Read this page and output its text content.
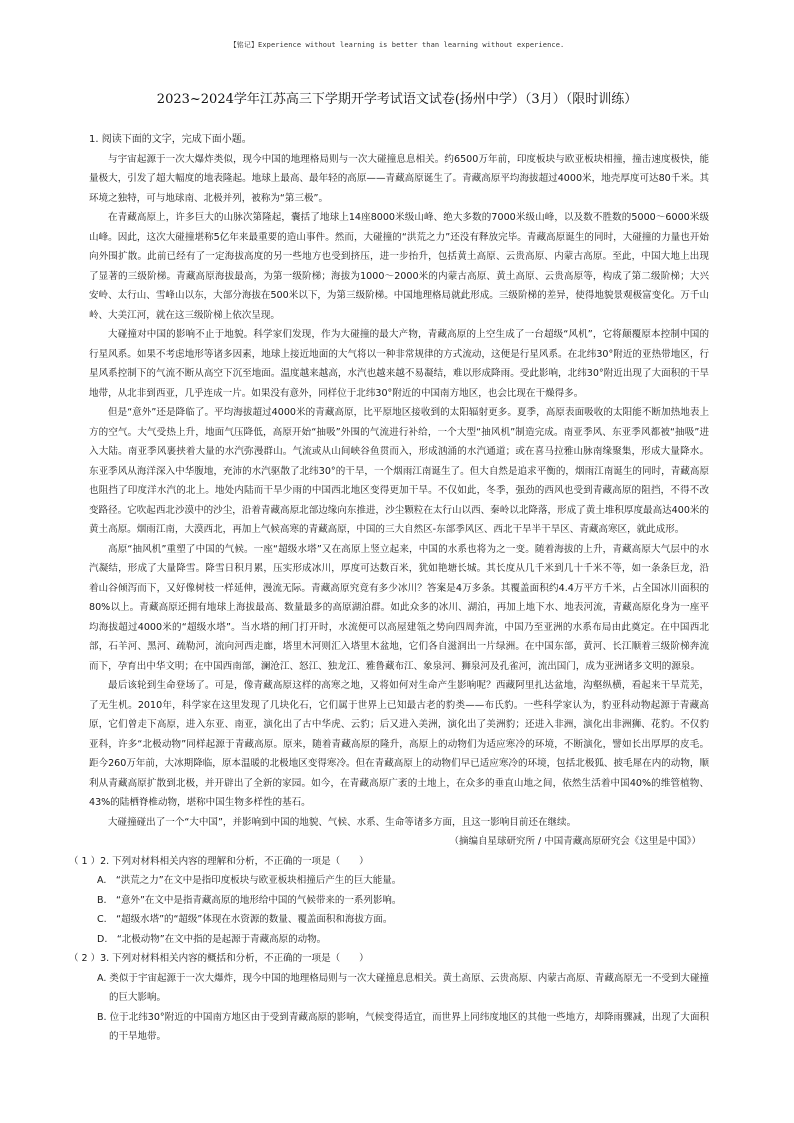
【铭记】Experience without learning is better than learning without experience.
2023~2024学年江苏高三下学期开学考试语文试卷(扬州中学）（3月）（限时训练）

1. 阅读下面的文字，完成下面小题。

与宇宙起源于一次大爆炸类似，现今中国的地理格局则与一次大碰撞息息相关。约6500万年前，印度板块与欧亚板块相撞，撞击速度极快，能量极大，引发了超大幅度的地表隆起。地球上最高、最年轻的高原——青藏高原诞生了。青藏高原平均海拔超过4000米，地壳厚度可达80千米。其环境之独特，可与地球南、北极并列，被称为“第三极”。

在青藏高原上，许多巨大的山脉次第隆起，囊括了地球上14座8000米级山峰、绝大多数的7000米级山峰，以及数不胜数的5000～6000米级山峰。因此，这次大碰撞堪称5亿年来最重要的造山事件。然而，大碰撞的“洪荒之力”还没有释放完毕。青藏高原诞生的同时，大碰撞的力量也开始向外围扩散。此前已经有了一定海拔高度的另一些地方也受到挤压，进一步抬升，包括黄土高原、云贵高原、内蒙古高原。至此，中国大地上出现了显著的三级阶梯。青藏高原海拔最高，为第一级阶梯；海拔为1000～2000米的内蒙古高原、黄土高原、云贵高原等，构成了第二级阶梯；大兴安岭、太行山、雪峰山以东，大部分海拔在500米以下，为第三级阶梯。中国地理格局就此形成。三级阶梯的差异，使得地貌景观极富变化。万千山岭、大美江河，就在这三级阶梯上依次呈现。

大碰撞对中国的影响不止于地貌。科学家们发现，作为大碰撞的最大产物，青藏高原的上空生成了一台超级“风机”，它将颠覆原本控制中国的行星风系。如果不考虑地形等诸多因素，地球上接近地面的大气将以一种非常规律的方式流动，这便是行星风系。在北纬30°附近的亚热带地区，行星风系控制下的气流不断从高空下沉至地面。温度越来越高，水汽也越来越不易凝结，难以形成降雨。受此影响，北纬30°附近出现了大面积的干旱地带，从北非到西亚，几乎连成一片。如果没有意外，同样位于北纬30°附近的中国南方地区，也会比现在干燥得多。

但是“意外”还是降临了。平均海拔超过4000米的青藏高原，比平原地区接收到的太阳辐射更多。夏季，高原表面吸收的太阳能不断加热地表上方的空气。大气受热上升，地面气压降低，高原开始“抽吸”外围的气流进行补给，一个大型“抽风机”制造完成。南亚季风、东亚季风都被“抽吸”进入大陆。南亚季风裹挟着大量的水汽弥漫群山。气流或从山间峡谷鱼贯而入，形成汹涌的水汽通道；或在喜马拉雅山脉南缘聚集，形成大量降水。东亚季风从海洋深入中华腹地，充沛的水汽驱散了北纬30°的干旱，一个烟雨江南诞生了。但大自然是追求平衡的，烟雨江南诞生的同时，青藏高原也阻挡了印度洋水汽的北上。地处内陆而干旱少雨的中国西北地区变得更加干旱。不仅如此，冬季，强劲的西风也受到青藏高原的阻挡，不得不改变路径。它吹起西北沙漠中的沙尘，沿着青藏高原北部边缘向东推进，沙尘颗粒在太行山以西、秦岭以北降落，形成了黄土堆积厚度最高达400米的黄土高原。烟雨江南，大漠西北，再加上气候高寒的青藏高原，中国的三大自然区-东部季风区、西北干旱半干旱区、青藏高寒区，就此成形。

高原“抽风机”重塑了中国的气候。一座“超级水塔”又在高原上竖立起来，中国的水系也将为之一变。随着海拔的上升，青藏高原大气层中的水汽凝结，形成了大量降雪。降雪日积月累，压实形成冰川，厚度可达数百米，犹如艳塘长城。其长度从几千米到几十千米不等，如一条条巨龙，沿着山谷倾泻而下，又好像树枝一样延伸，漫流无际。青藏高原究竟有多少冰川？答案是4万多条。其覆盖面积约4.4万平方千米，占全国冰川面积的80%以上。青藏高原还拥有地球上海拔最高、数量最多的高原湖泊群。如此众多的冰川、湖泊，再加上地下水、地表河流，青藏高原化身为一座平均海拔超过4000米的“超级水塔”。当水塔的闸门打开时，水流便可以高屋建瓴之势向四周奔流，中国乃至亚洲的水系布局由此奠定。在中国西北部，石羊河、黑河、疏勒河，流向河西走廊，塔里木河则汇入塔里木盆地，它们各自滋润出一片绿洲。在中国东部，黄河、长江顺着三级阶梯奔流而下，孕育出中华文明；在中国西南部，澜沧江、怒江、独龙江、雅鲁藏布江、象泉河、狮泉河及孔雀河，流出国门，成为亚洲诸多文明的源泉。

最后该轮到生命登场了。可是，像青藏高原这样的高寒之地，又将如何对生命产生影响呢？西藏阿里扎达盆地，沟壑纵横，看起来干旱荒芜，了无生机。2010年，科学家在这里发现了几块化石，它们属于世界上已知最古老的豹类——布氏豹。一些科学家认为，豹亚科动物起源于青藏高原，它们曾走下高原，进入东亚、南亚，演化出了古中华虎、云豹；后又进入美洲，演化出了美洲豹；还进入非洲，演化出非洲狮、花豹。不仅豹亚科，许多“北极动物”同样起源于青藏高原。原来，随着青藏高原的隆升，高原上的动物们为适应寒冷的环境，不断演化，譬如长出厚厚的皮毛。距今260万年前，大冰期降临，原本温暖的北极地区变得寒冷。但在青藏高原上的动物们早已适应寒冷的环境，包括北极狐、披毛犀在内的动物，顺利从青藏高原扩散到北极，并开辟出了全新的家园。如今，在青藏高原广袤的土地上，在众多的垂直山地之间，依然生活着中国40%的维管植物、43%的陆栖脊椎动物，堪称中国生物多样性的基石。

大碰撞碰出了一个“大中国”，并影响到中国的地貌、气候、水系、生命等诸多方面，且这一影响目前还在继续。

（摘编自星球研究所 / 中国青藏高原研究会《这里是中国》）

（ 1 ）2. 下列对材料相关内容的理解和分析，不正确的一项是（　　）

A.　“洪荒之力”在文中是指印度板块与欧亚板块相撞后产生的巨大能量。
B.　“意外”在文中是指青藏高原的地形给中国的气候带来的一系列影响。
C.　“超级水塔”的“超级”体现在水资源的数量、覆盖面积和海拔方面。
D.　“北极动物”在文中指的是起源于青藏高原的动物。

（ 2 ）3. 下列对材料相关内容的概括和分析，不正确的一项是（　　）

A. 类似于宇宙起源于一次大爆炸，现今中国的地理格局则与一次大碰撞息息相关。黄土高原、云贵高原、内蒙古高原、青藏高原无一不受到大碰撞的巨大影响。
B. 位于北纬30°附近的中国南方地区由于受到青藏高原的影响，气候变得适宜，而世界上同纬度地区的其他一些地方，却降雨骤减，出现了大面积的干旱地带。
